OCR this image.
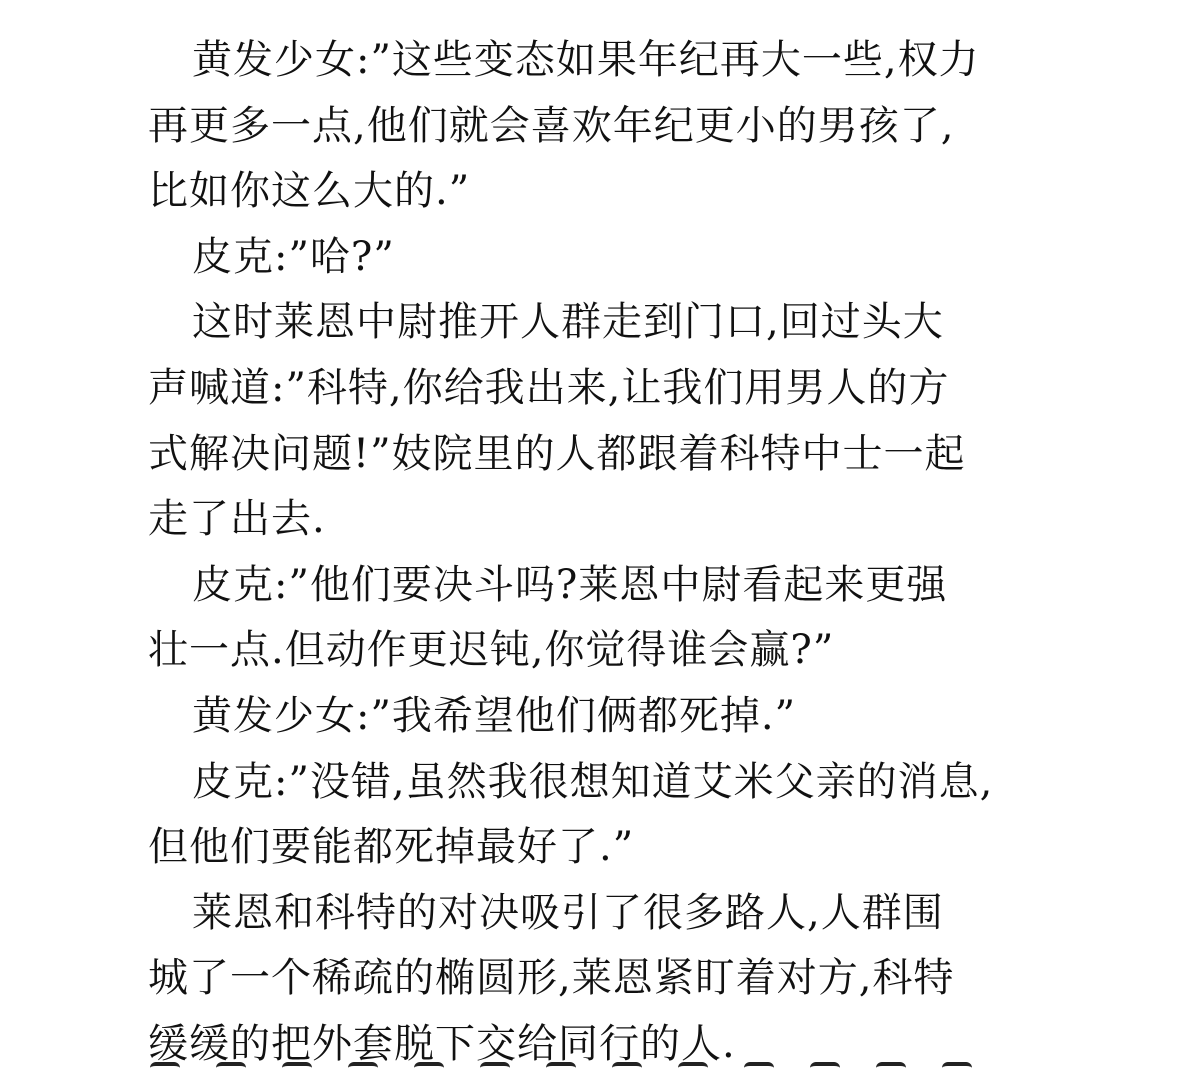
黄发少女:”这些变态如果年纪再大一些,权力
再更多一点,他们就会喜欢年纪更小的男孩了,
比如你这么大的.”
皮克:”哈?”
这时莱恩中尉推开人群走到门口,回过头大
声喊道:”科特,你给我出来,让我们用男人的方
式解决问题!”妓院里的人都跟着科特中士一起
走了出去.
皮克:”他们要决斗吗?莱恩中尉看起来更强
壮一点.但动作更迟钝,你觉得谁会赢?”
黄发少女:”我希望他们俩都死掉.”
皮克:”没错,虽然我很想知道艾米父亲的消息,
但他们要能都死掉最好了.”
莱恩和科特的对决吸引了很多路人,人群围
城了一个稀疏的椭圆形,莱恩紧盯着对方,科特
缓缓的把外套脱下交给同行的人.
